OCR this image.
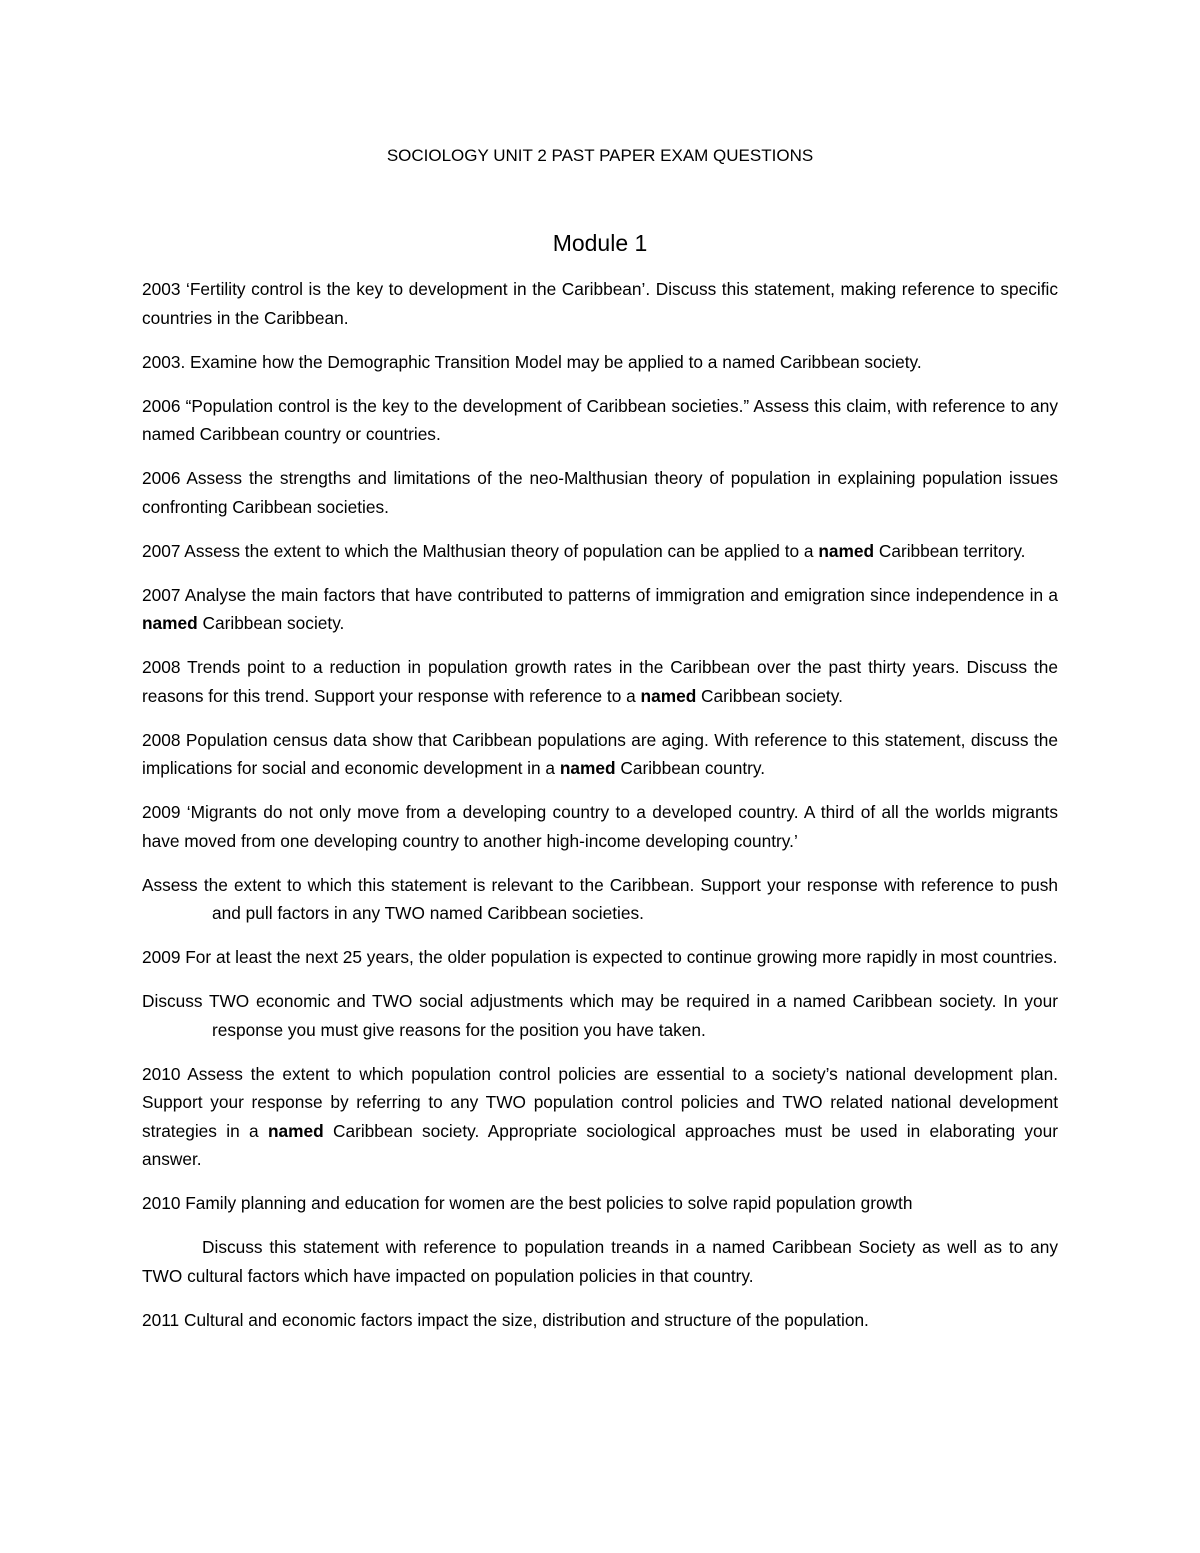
SOCIOLOGY UNIT 2 PAST PAPER EXAM QUESTIONS
Module 1

2003 ‘Fertility control is the key to development in the Caribbean’. Discuss this statement, making reference to specific countries in the Caribbean.

2003. Examine how the Demographic Transition Model may be applied to a named Caribbean society.

2006 “Population control is the key to the development of Caribbean societies.” Assess this claim, with reference to any named Caribbean country or countries.

2006 Assess the strengths and limitations of the neo-Malthusian theory of population in explaining population issues confronting Caribbean societies.

2007 Assess the extent to which the Malthusian theory of population can be applied to a named Caribbean territory.

2007 Analyse the main factors that have contributed to patterns of immigration and emigration since independence in a named Caribbean society.

2008 Trends point to a reduction in population growth rates in the Caribbean over the past thirty years. Discuss the reasons for this trend. Support your response with reference to a named Caribbean society.

2008 Population census data show that Caribbean populations are aging. With reference to this statement, discuss the implications for social and economic development in a named Caribbean country.

2009 ‘Migrants do not only move from a developing country to a developed country. A third of all the worlds migrants have moved from one developing country to another high-income developing country.’

Assess the extent to which this statement is relevant to the Caribbean. Support your response with reference to push and pull factors in any TWO named Caribbean societies.

2009 For at least the next 25 years, the older population is expected to continue growing more rapidly in most countries.

Discuss TWO economic and TWO social adjustments which may be required in a named Caribbean society. In your response you must give reasons for the position you have taken.

2010 Assess the extent to which population control policies are essential to a society’s national development plan. Support your response by referring to any TWO population control policies and TWO related national development strategies in a named Caribbean society. Appropriate sociological approaches must be used in elaborating your answer.

2010 Family planning and education for women are the best policies to solve rapid population growth

Discuss this statement with reference to population treands in a named Caribbean Society as well as to any TWO cultural factors which have impacted on population policies in that country.

2011 Cultural and economic factors impact the size, distribution and structure of the population.
